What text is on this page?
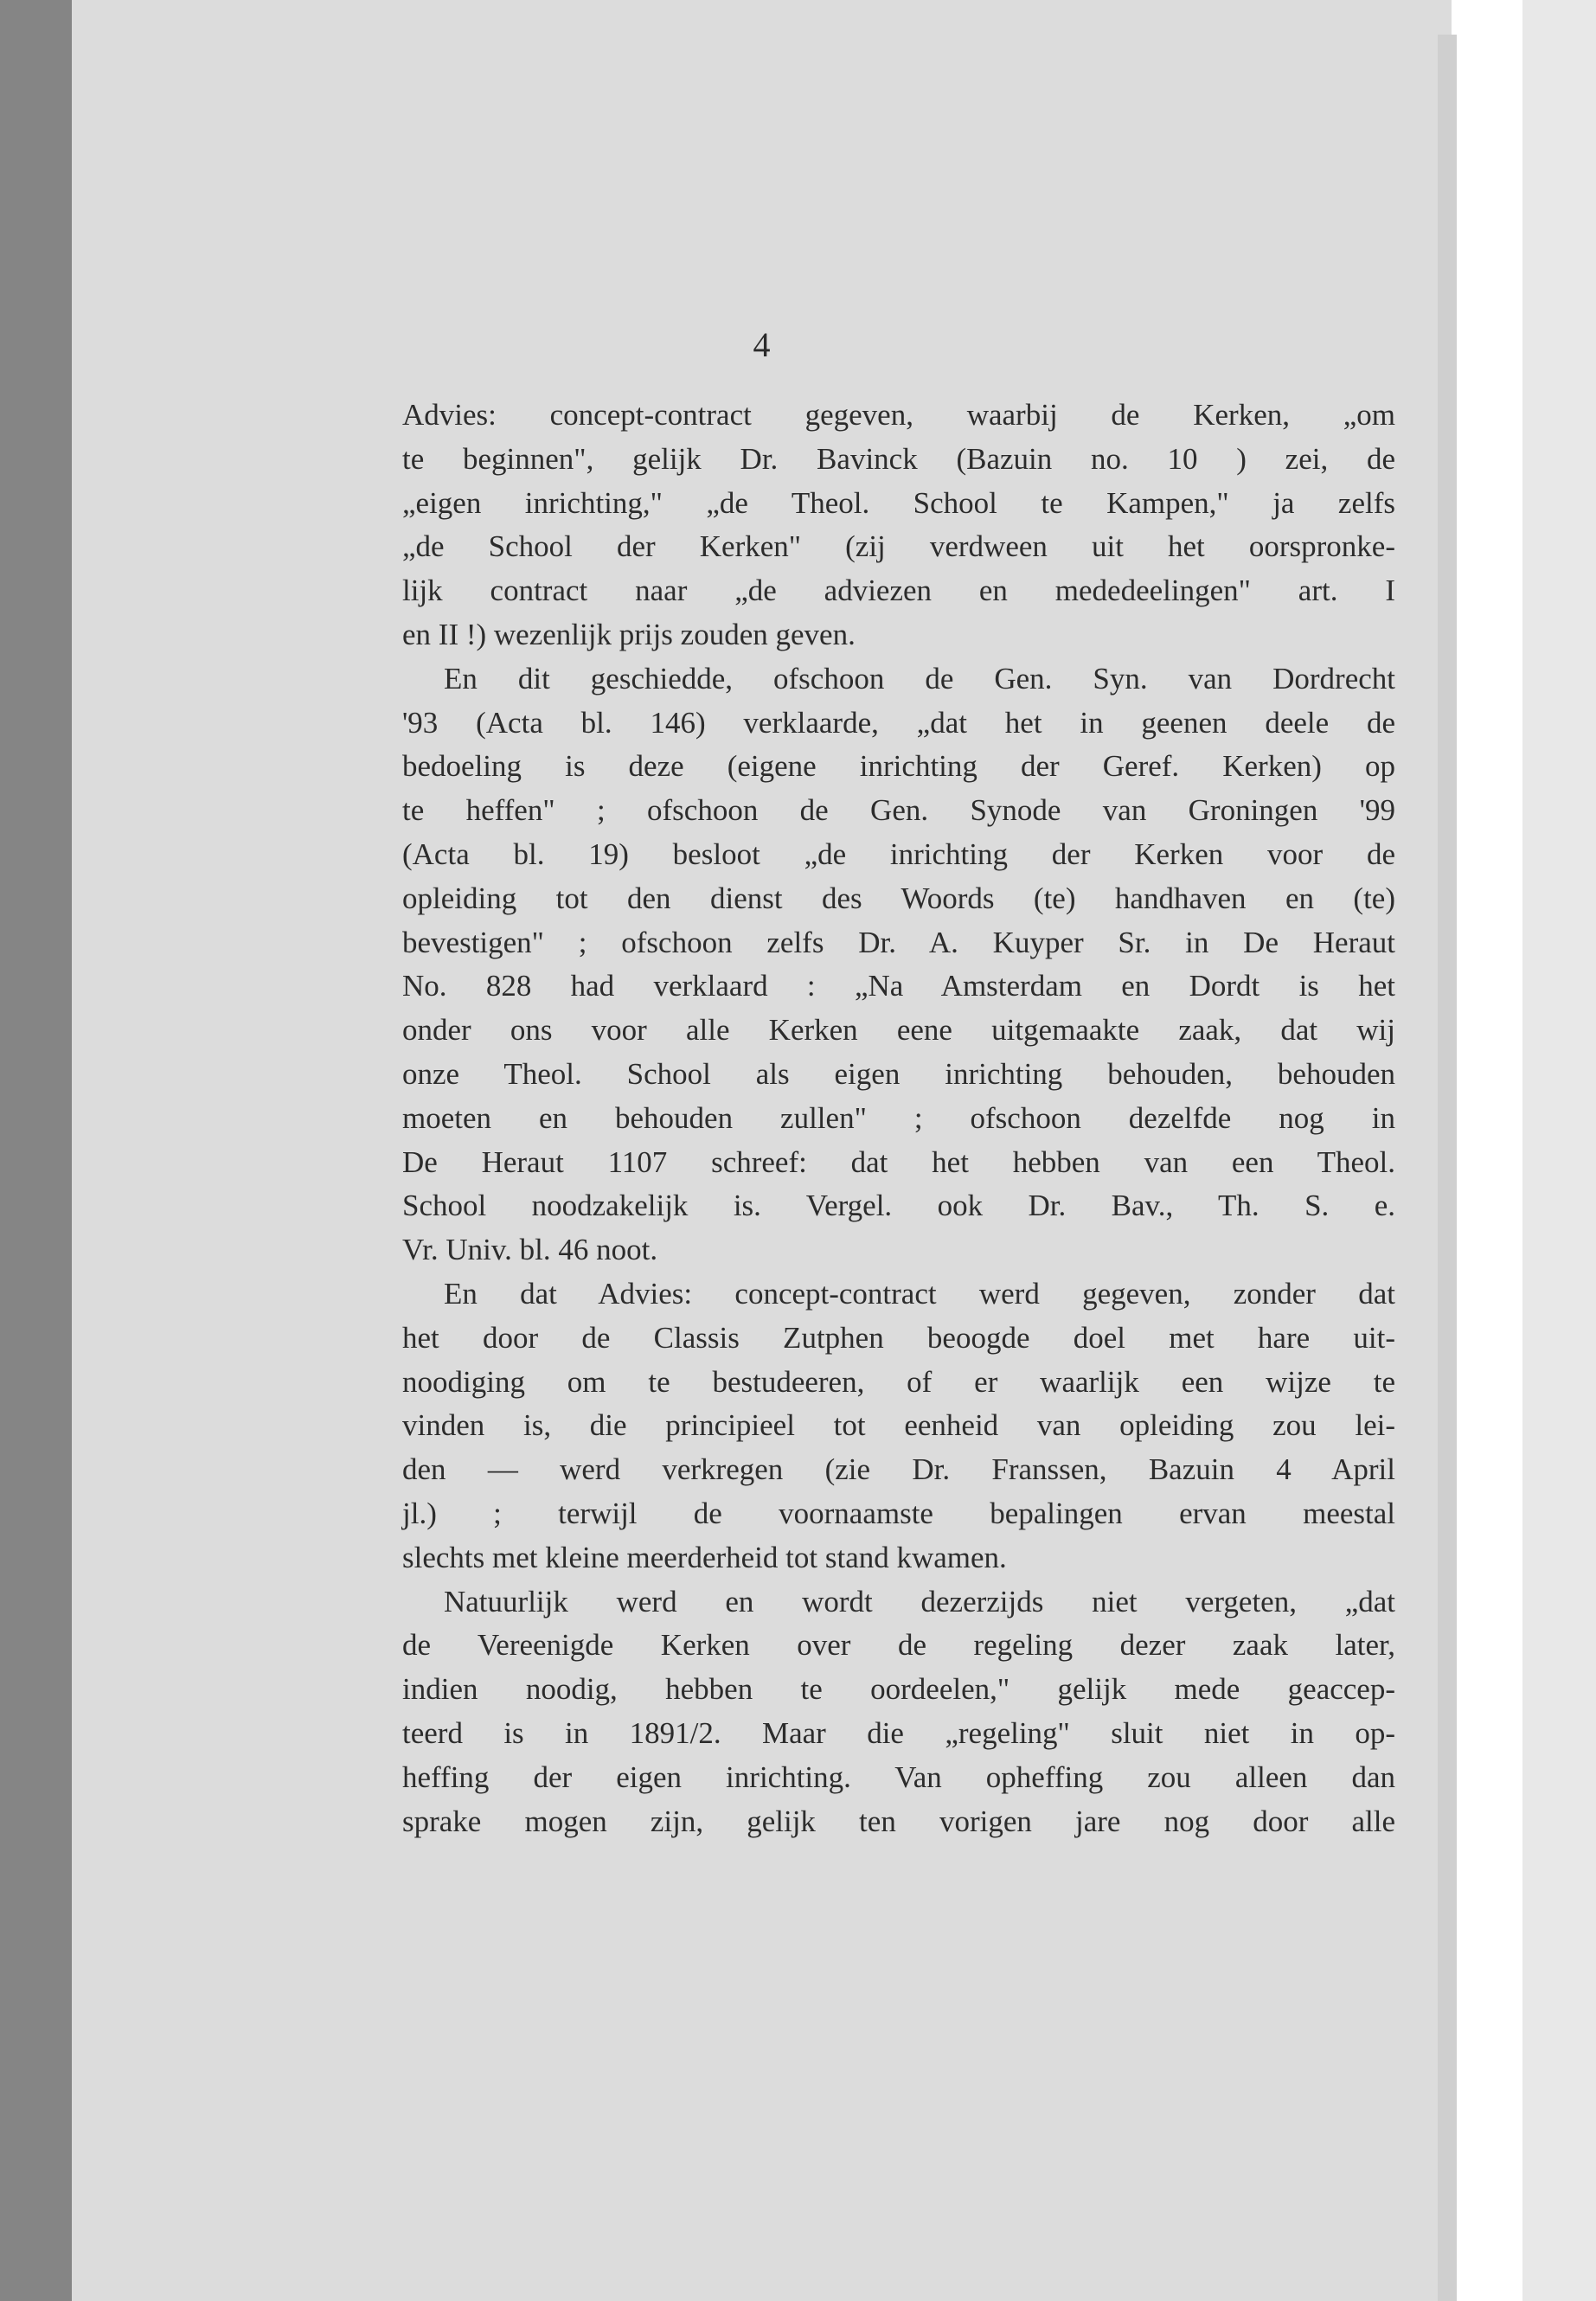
4
Advies: concept-contract gegeven, waarbij de Kerken, „om
te beginnen", gelijk Dr. Bavinck (Bazuin no. 10 ) zei, de
„eigen inrichting," „de Theol. School te Kampen," ja zelfs
„de School der Kerken" (zij verdween uit het oorspronke-
lijk contract naar „de adviezen en mededeelingen" art. I
en II !) wezenlijk prijs zouden geven.
En dit geschiedde, ofschoon de Gen. Syn. van Dordrecht
'93 (Acta bl. 146) verklaarde, „dat het in geenen deele de
bedoeling is deze (eigene inrichting der Geref. Kerken) op
te heffen" ; ofschoon de Gen. Synode van Groningen '99
(Acta bl. 19) besloot „de inrichting der Kerken voor de
opleiding tot den dienst des Woords (te) handhaven en (te)
bevestigen" ; ofschoon zelfs Dr. A. Kuyper Sr. in De Heraut
No. 828 had verklaard : „Na Amsterdam en Dordt is het
onder ons voor alle Kerken eene uitgemaakte zaak, dat wij
onze Theol. School als eigen inrichting behouden, behouden
moeten en behouden zullen" ; ofschoon dezelfde nog in
De Heraut 1107 schreef: dat het hebben van een Theol.
School noodzakelijk is. Vergel. ook Dr. Bav., Th. S. e.
Vr. Univ. bl. 46 noot.
En dat Advies: concept-contract werd gegeven, zonder dat
het door de Classis Zutphen beoogde doel met hare uit-
noodiging om te bestudeeren, of er waarlijk een wijze te
vinden is, die principieel tot eenheid van opleiding zou lei-
den — werd verkregen (zie Dr. Franssen, Bazuin 4 April
jl.) ; terwijl de voornaamste bepalingen ervan meestal
slechts met kleine meerderheid tot stand kwamen.
Natuurlijk werd en wordt dezerzijds niet vergeten, „dat
de Vereenigde Kerken over de regeling dezer zaak later,
indien noodig, hebben te oordeelen," gelijk mede geaccep-
teerd is in 1891/2. Maar die „regeling" sluit niet in op-
heffing der eigen inrichting. Van opheffing zou alleen dan
sprake mogen zijn, gelijk ten vorigen jare nog door alle
